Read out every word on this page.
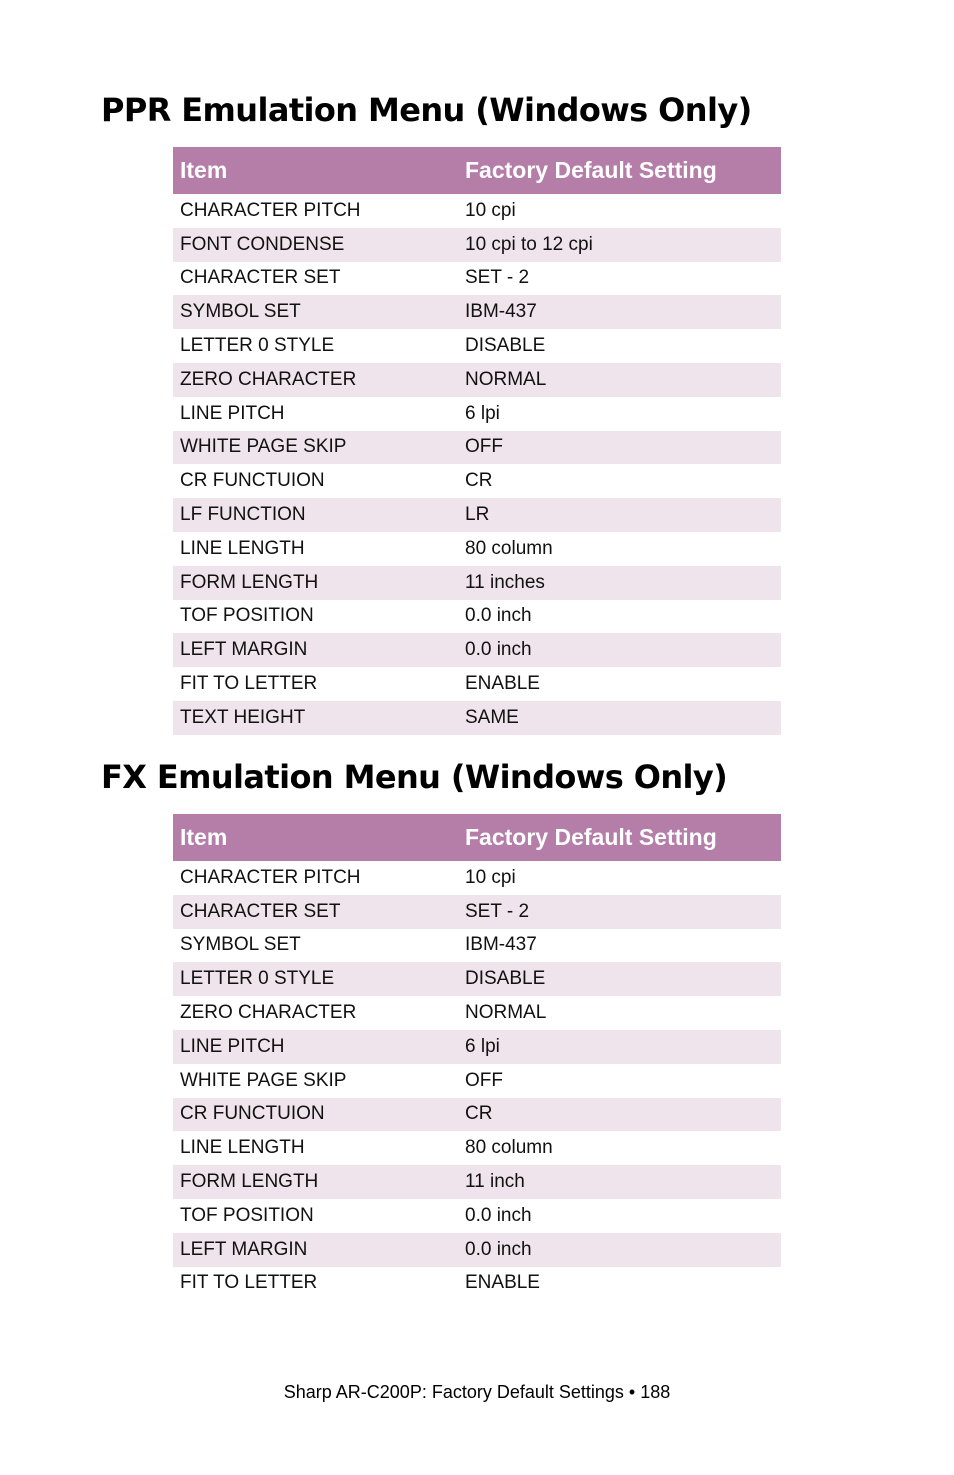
PPR Emulation Menu (Windows Only)
Item	Factory Default Setting
CHARACTER PITCH	10 cpi
FONT CONDENSE	10 cpi to 12 cpi
CHARACTER SET	SET - 2
SYMBOL SET	IBM-437
LETTER 0 STYLE	DISABLE
ZERO CHARACTER	NORMAL
LINE PITCH	6 lpi
WHITE PAGE SKIP	OFF
CR FUNCTUION	CR
LF FUNCTION	LR
LINE LENGTH	80 column
FORM LENGTH	11 inches
TOF POSITION	0.0 inch
LEFT MARGIN	0.0 inch
FIT TO LETTER	ENABLE
TEXT HEIGHT	SAME
FX Emulation Menu (Windows Only)
Item	Factory Default Setting
CHARACTER PITCH	10 cpi
CHARACTER SET	SET - 2
SYMBOL SET	IBM-437
LETTER 0 STYLE	DISABLE
ZERO CHARACTER	NORMAL
LINE PITCH	6 lpi
WHITE PAGE SKIP	OFF
CR FUNCTUION	CR
LINE LENGTH	80 column
FORM LENGTH	11 inch
TOF POSITION	0.0 inch
LEFT MARGIN	0.0 inch
FIT TO LETTER	ENABLE
Sharp AR-C200P: Factory Default Settings • 188
